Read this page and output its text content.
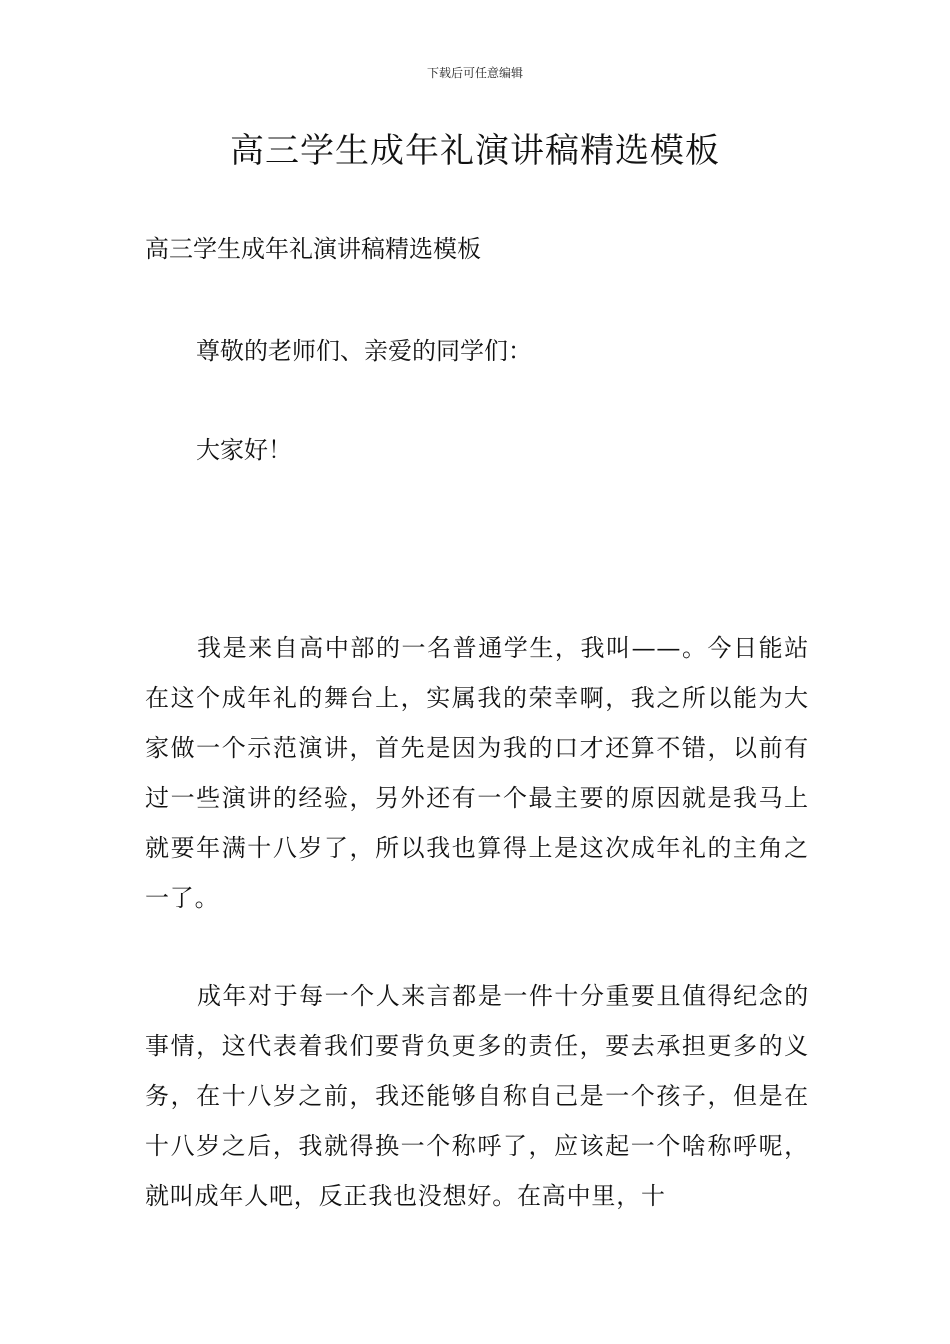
下载后可任意编辑
高三学生成年礼演讲稿精选模板
高三学生成年礼演讲稿精选模板
尊敬的老师们、亲爱的同学们：
大家好！
我是来自高中部的一名普通学生，我叫——。今日能站在这个成年礼的舞台上，实属我的荣幸啊，我之所以能为大家做一个示范演讲，首先是因为我的口才还算不错，以前有过一些演讲的经验，另外还有一个最主要的原因就是我马上就要年满十八岁了，所以我也算得上是这次成年礼的主角之一了。
成年对于每一个人来言都是一件十分重要且值得纪念的事情，这代表着我们要背负更多的责任，要去承担更多的义务，在十八岁之前，我还能够自称自己是一个孩子，但是在十八岁之后，我就得换一个称呼了，应该起一个啥称呼呢，就叫成年人吧，反正我也没想好。在高中里，十
